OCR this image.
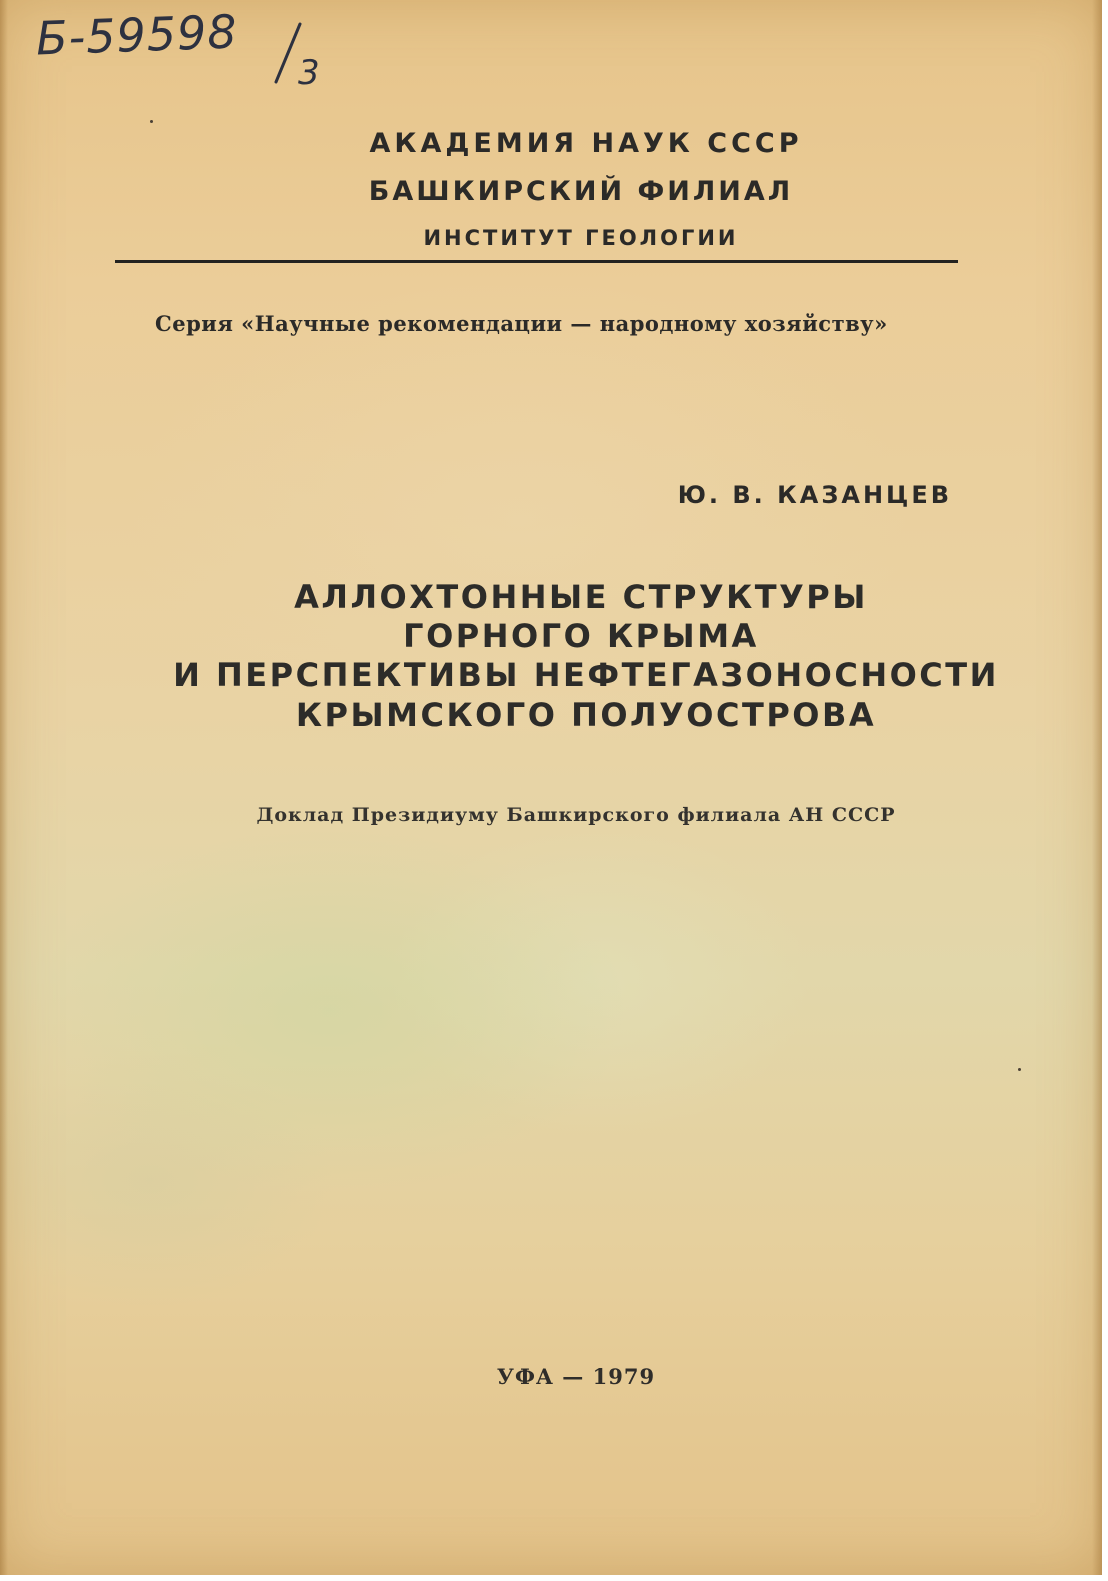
Б-59598
3
АКАДЕМИЯ НАУК СССР
БАШКИРСКИЙ ФИЛИАЛ
ИНСТИТУТ ГЕОЛОГИИ
Серия «Научные рекомендации — народному хозяйству»
Ю. В. КАЗАНЦЕВ
АЛЛОХТОННЫЕ СТРУКТУРЫ
ГОРНОГО КРЫМА
И ПЕРСПЕКТИВЫ НЕФТЕГАЗОНОСНОСТИ
КРЫМСКОГО ПОЛУОСТРОВА
Доклад Президиуму Башкирского филиала АН СССР
УФА — 1979
